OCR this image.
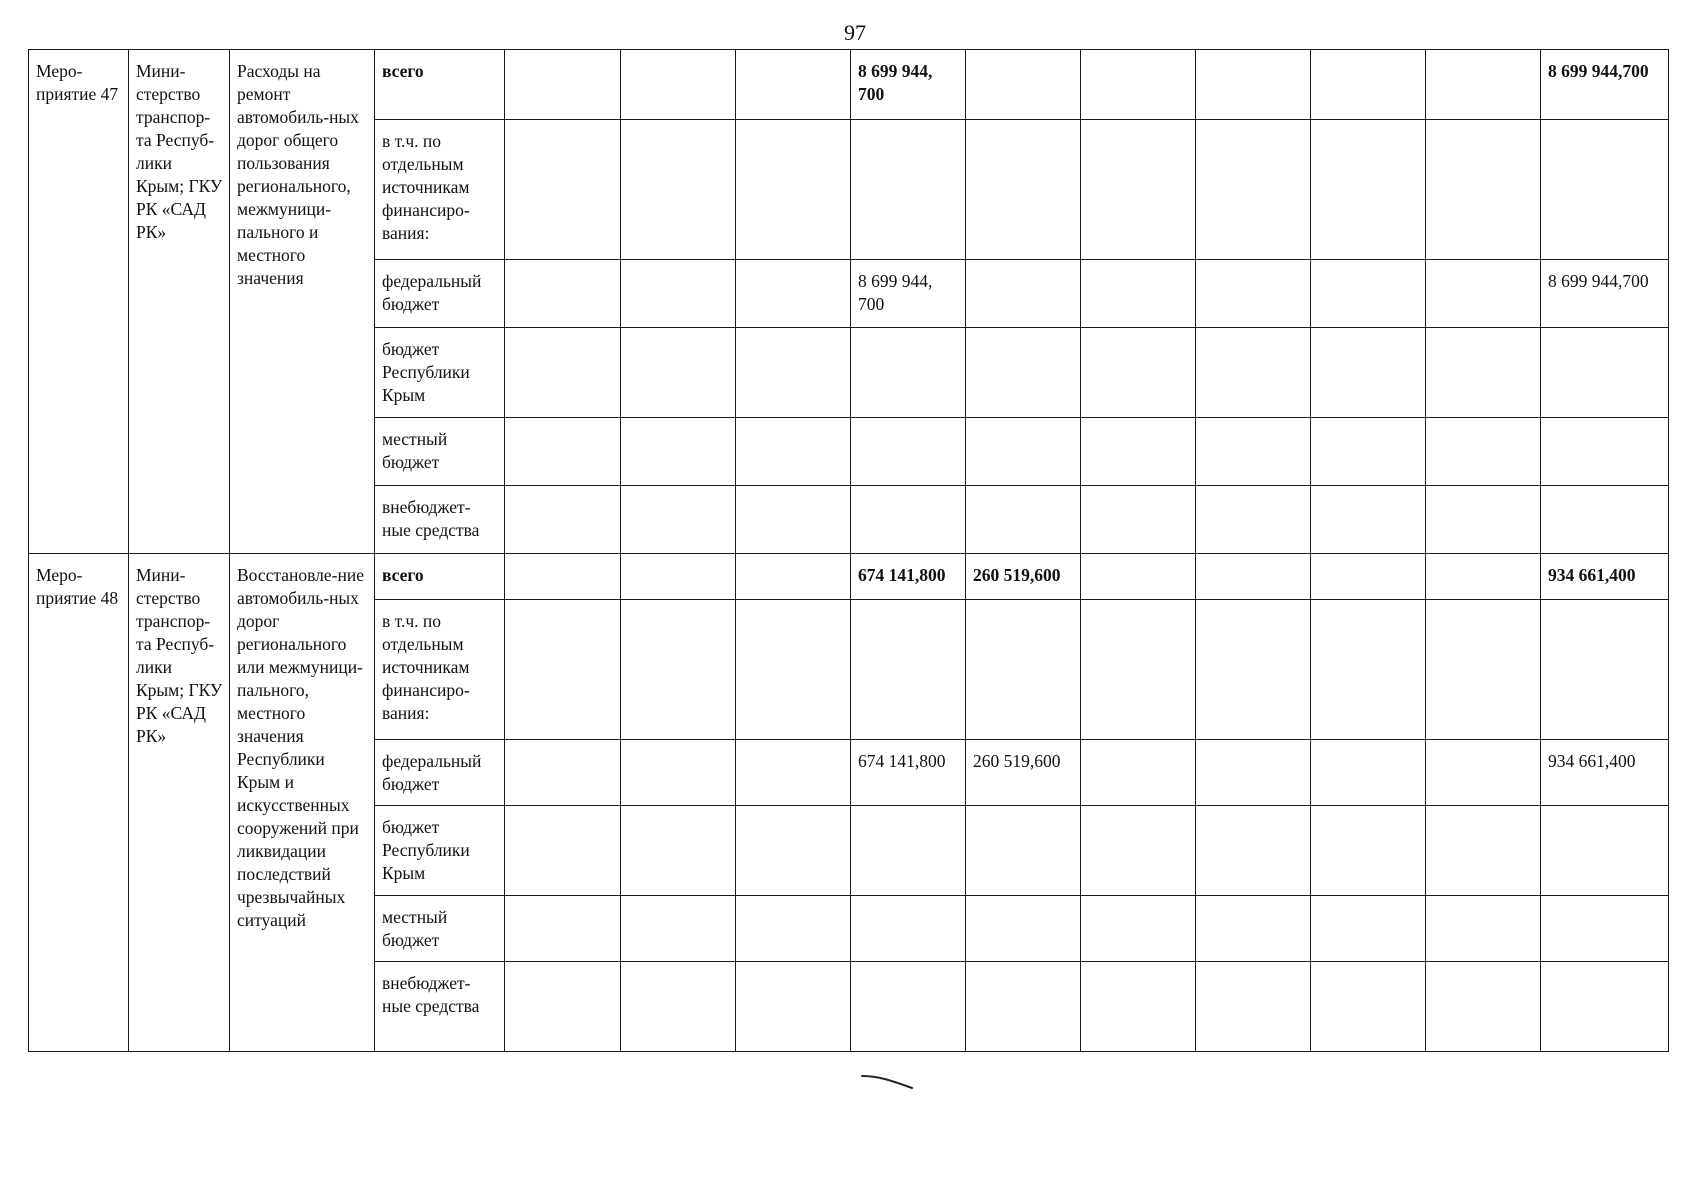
97
Меро-приятие 47	Мини-стерство транспор-та Респуб-лики Крым; ГКУ РК «САД РК»	Расходы на ремонт автомобиль-ных дорог общего пользования регионального, межмуници-пального и местного значения	всего				8 699 944, 700						8 699 944,700
			в т.ч. по отдельным источникам финансиро-вания:										
			федеральный бюджет				8 699 944, 700						8 699 944,700
			бюджет Республики Крым										
			местный бюджет										
			внебюджет-ные средства										
Меро-приятие 48	Мини-стерство транспор-та Респуб-лики Крым; ГКУ РК «САД РК»	Восстановле-ние автомобиль-ных дорог регионального или межмуници-пального, местного значения Республики Крым и искусственных сооружений при ликвидации последствий чрезвычайных ситуаций	всего				674 141,800	260 519,600					934 661,400
			в т.ч. по отдельным источникам финансиро-вания:										
			федеральный бюджет				674 141,800	260 519,600					934 661,400
			бюджет Республики Крым										
			местный бюджет										
			внебюджет-ные средства										
